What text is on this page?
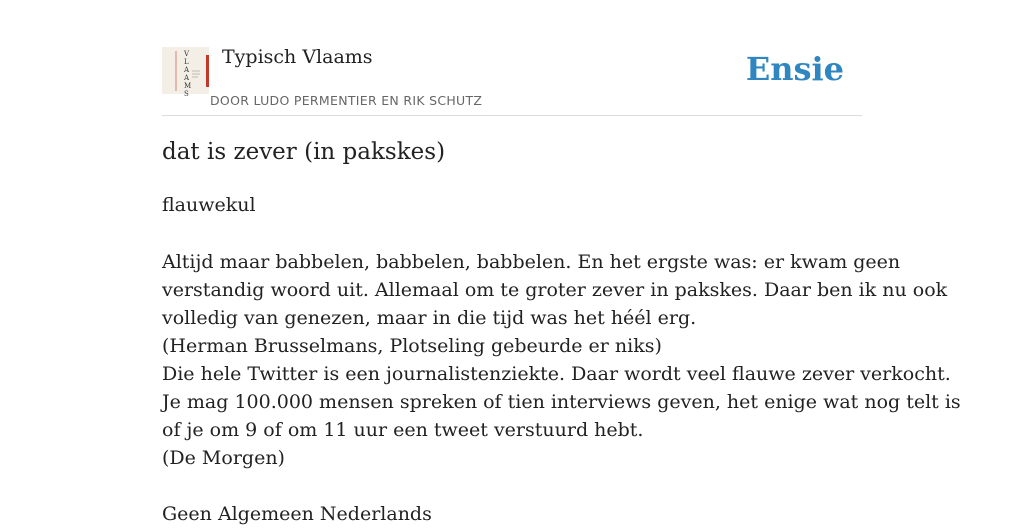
V
L
A
A
M
S
Typisch Vlaams
DOOR LUDO PERMENTIER EN RIK SCHUTZ
Ensie
dat is zever (in pakskes)

flauwekul

Altijd maar babbelen, babbelen, babbelen. En het ergste was: er kwam geen
verstandig woord uit. Allemaal om te groter zever in pakskes. Daar ben ik nu ook
volledig van genezen, maar in die tijd was het héél erg.
(Herman Brusselmans, Plotseling gebeurde er niks)
Die hele Twitter is een journalistenziekte. Daar wordt veel flauwe zever verkocht.
Je mag 100.000 mensen spreken of tien interviews geven, het enige wat nog telt is
of je om 9 of om 11 uur een tweet verstuurd hebt.
(De Morgen)
Geen Algemeen Nederlands
